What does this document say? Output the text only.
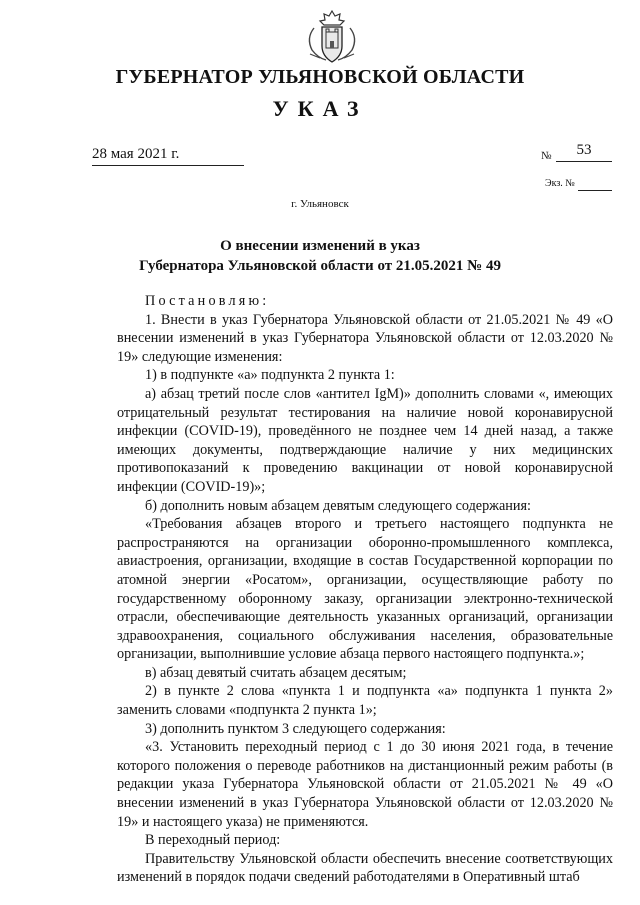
ГУБЕРНАТОР УЛЬЯНОВСКОЙ ОБЛАСТИ
УКАЗ
28 мая 2021 г.	№	53
Экз. №
г. Ульяновск
О внесении изменений в указ
Губернатора Ульяновской области от 21.05.2021 № 49

Постановляю:

1. Внести в указ Губернатора Ульяновской области от 21.05.2021 № 49 «О внесении изменений в указ Губернатора Ульяновской области от 12.03.2020 № 19» следующие изменения:

1) в подпункте «а» подпункта 2 пункта 1:

а) абзац третий после слов «антител IgM)» дополнить словами «, имеющих отрицательный результат тестирования на наличие новой коронавирусной инфекции (COVID-19), проведённого не позднее чем 14 дней назад, а также имеющих документы, подтверждающие наличие у них медицинских противопоказаний к проведению вакцинации от новой коронавирусной инфекции (COVID-19)»;

б) дополнить новым абзацем девятым следующего содержания:

«Требования абзацев второго и третьего настоящего подпункта не распространяются на организации оборонно-промышленного комплекса, авиастроения, организации, входящие в состав Государственной корпорации по атомной энергии «Росатом», организации, осуществляющие работу по государственному оборонному заказу, организации электронно-технической отрасли, обеспечивающие деятельность указанных организаций, организации здравоохранения, социального обслуживания населения, образовательные организации, выполнившие условие абзаца первого настоящего подпункта.»;

в) абзац девятый считать абзацем десятым;

2) в пункте 2 слова «пункта 1 и подпункта «а» подпункта 1 пункта 2» заменить словами «подпункта 2 пункта 1»;

3) дополнить пунктом 3 следующего содержания:

«3. Установить переходный период с 1 до 30 июня 2021 года, в течение которого положения о переводе работников на дистанционный режим работы (в редакции указа Губернатора Ульяновской области от 21.05.2021 № 49 «О внесении изменений в указ Губернатора Ульяновской области от 12.03.2020 № 19» и настоящего указа) не применяются.

В переходный период:

Правительству Ульяновской области обеспечить внесение соответствующих изменений в порядок подачи сведений работодателями в Оперативный штаб
